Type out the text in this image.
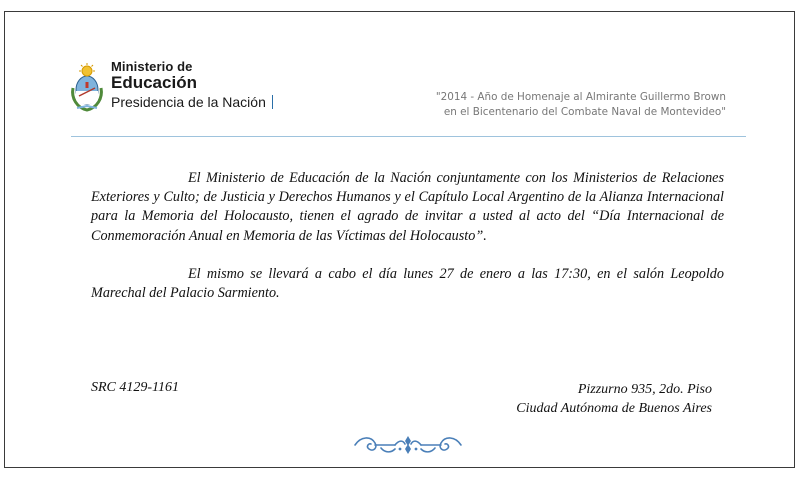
Ministerio de
Educación
Presidencia de la Nación	"2014 - Año de Homenaje al Almirante Guillermo Brown
en el Bicentenario del Combate Naval de Montevideo"

El Ministerio de Educación de la Nación conjuntamente con los Ministerios de Relaciones Exteriores y Culto; de Justicia y Derechos Humanos y el Capítulo Local Argentino de la Alianza Internacional para la Memoria del Holocausto, tienen el agrado de invitar a usted al acto del “Día Internacional de Conmemoración Anual en Memoria de las Víctimas del Holocausto”.

El mismo se llevará a cabo el día lunes 27 de enero a las 17:30, en el salón Leopoldo Marechal del Palacio Sarmiento.

SRC 4129-1161	Pizzurno 935, 2do. Piso
Ciudad Autónoma de Buenos Aires
